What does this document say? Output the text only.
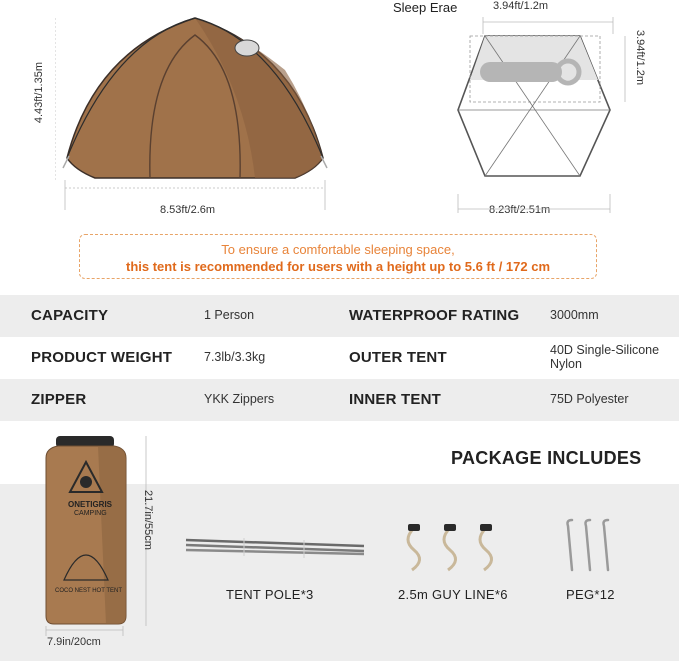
4.43ft/1.35m
8.53ft/2.6m
Sleep Erae	3.94ft/1.2m
3.94ft/1.2m
8.23ft/2.51m
To ensure a comfortable sleeping space,
this tent is recommended for users with a height up to 5.6 ft / 172 cm
CAPACITY	1 Person	WATERPROOF RATING 3000mm
PRODUCT WEIGHT	7.3lb/3.3kg	OUTER TENT	40D Single-Silicone Nylon
ZIPPER	YKK Zippers	INNER TENT	75D Polyester
PACKAGE INCLUDES
ONETIGRIS
CAMPING
COCO NEST HOT TENT
21.7in/55cm
7.9in/20cm
TENT POLE*3	2.5m GUY LINE*6	PEG*12
